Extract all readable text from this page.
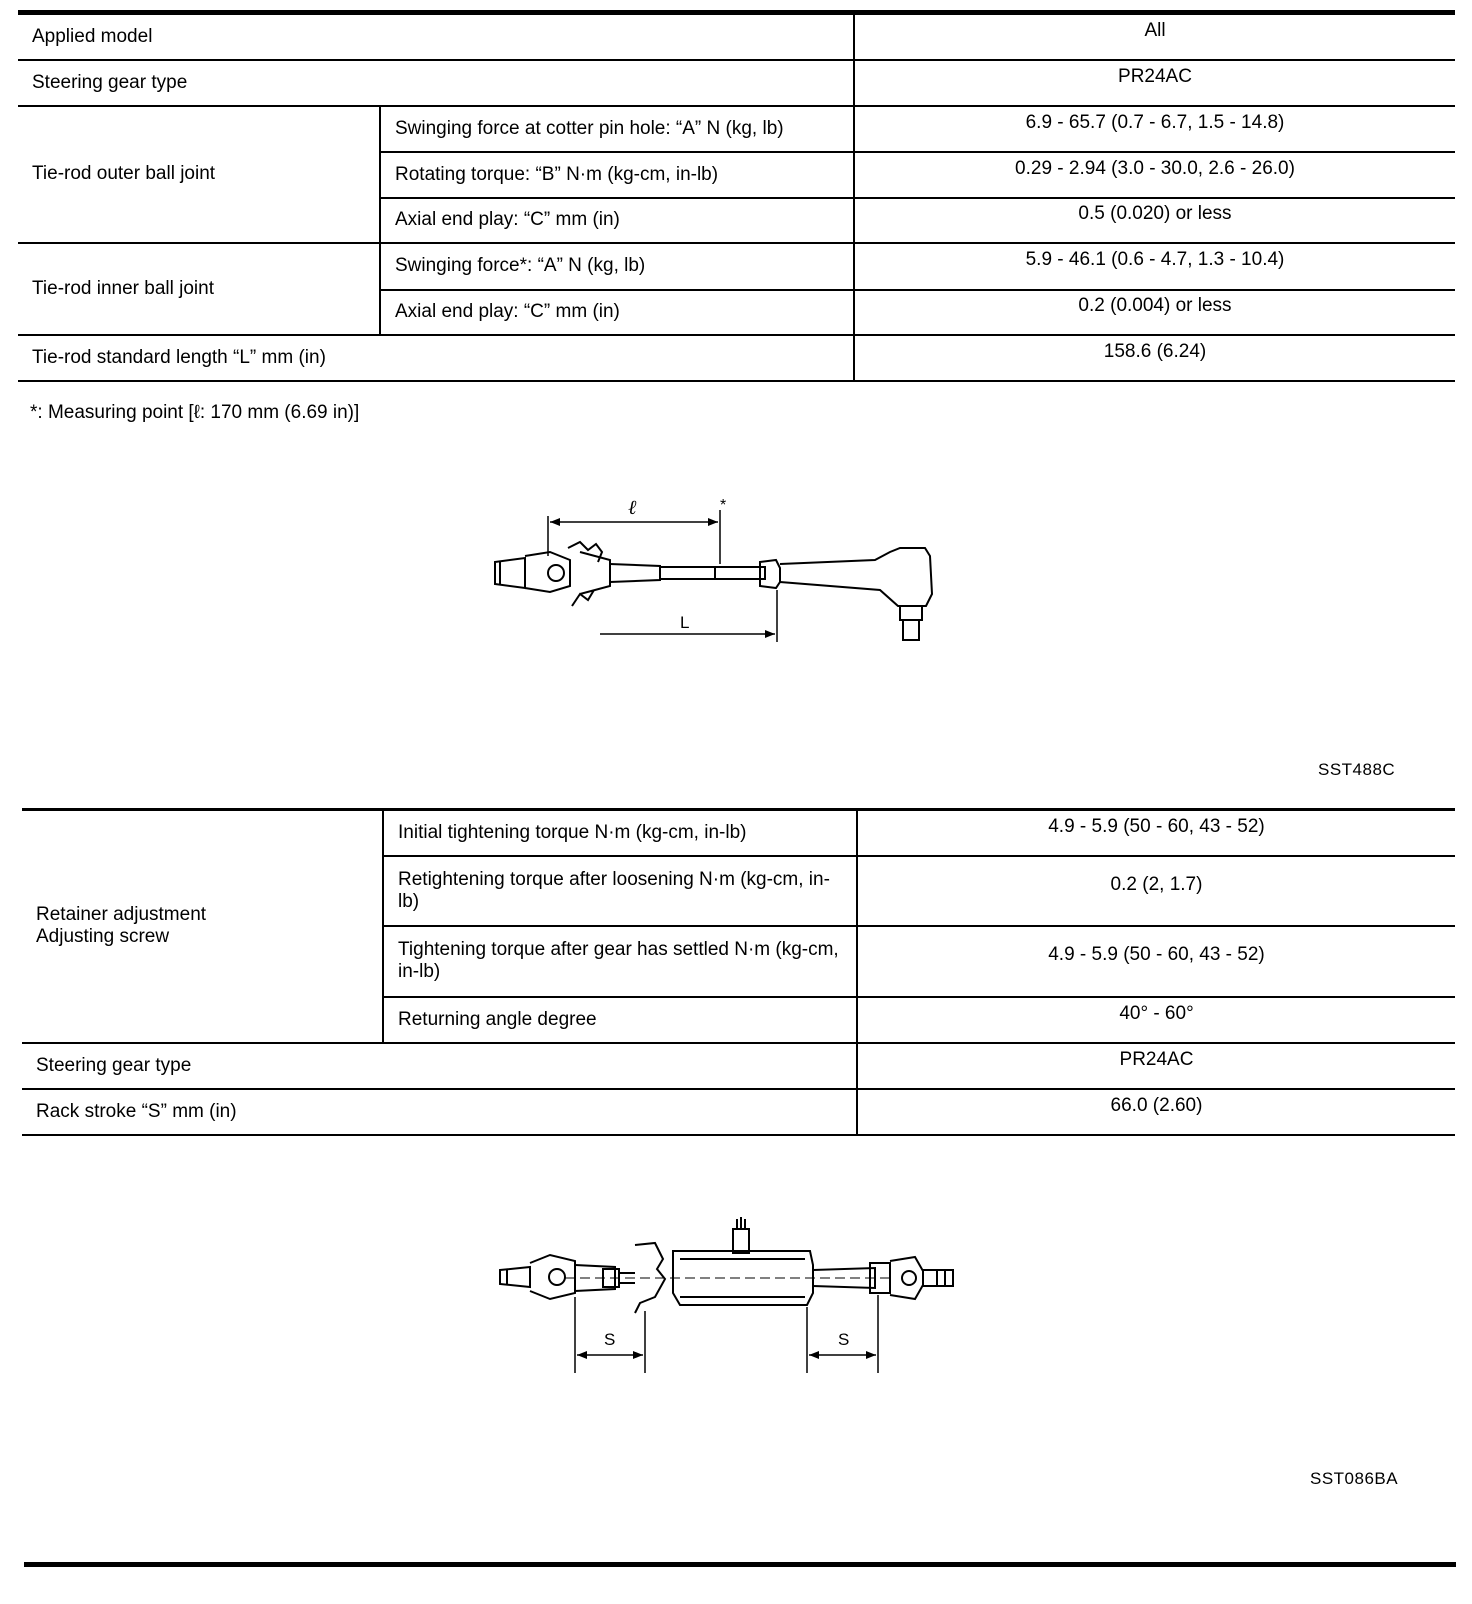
Applied model		All
Steering gear type		PR24AC
Tie-rod outer ball joint	Swinging force at cotter pin hole: “A” N (kg, lb)	6.9 - 65.7 (0.7 - 6.7, 1.5 - 14.8)
	Rotating torque: “B” N·m (kg-cm, in-lb)	0.29 - 2.94 (3.0 - 30.0, 2.6 - 26.0)
	Axial end play: “C” mm (in)	0.5 (0.020) or less
Tie-rod inner ball joint	Swinging force*: “A” N (kg, lb)	5.9 - 46.1 (0.6 - 4.7, 1.3 - 10.4)
	Axial end play: “C” mm (in)	0.2 (0.004) or less
Tie-rod standard length “L” mm (in)		158.6 (6.24)
*: Measuring point [ℓ: 170 mm (6.69 in)]
ℓ	*
L
SST488C
Retainer adjustment
Adjusting screw	Initial tightening torque N·m (kg-cm, in-lb)	4.9 - 5.9 (50 - 60, 43 - 52)
	Retightening torque after loosening N·m (kg-cm, in-lb)	0.2 (2, 1.7)
	Tightening torque after gear has settled N·m (kg-cm, in-lb)	4.9 - 5.9 (50 - 60, 43 - 52)
	Returning angle degree	40° - 60°
Steering gear type		PR24AC
Rack stroke “S” mm (in)		66.0 (2.60)
S	S
SST086BA
